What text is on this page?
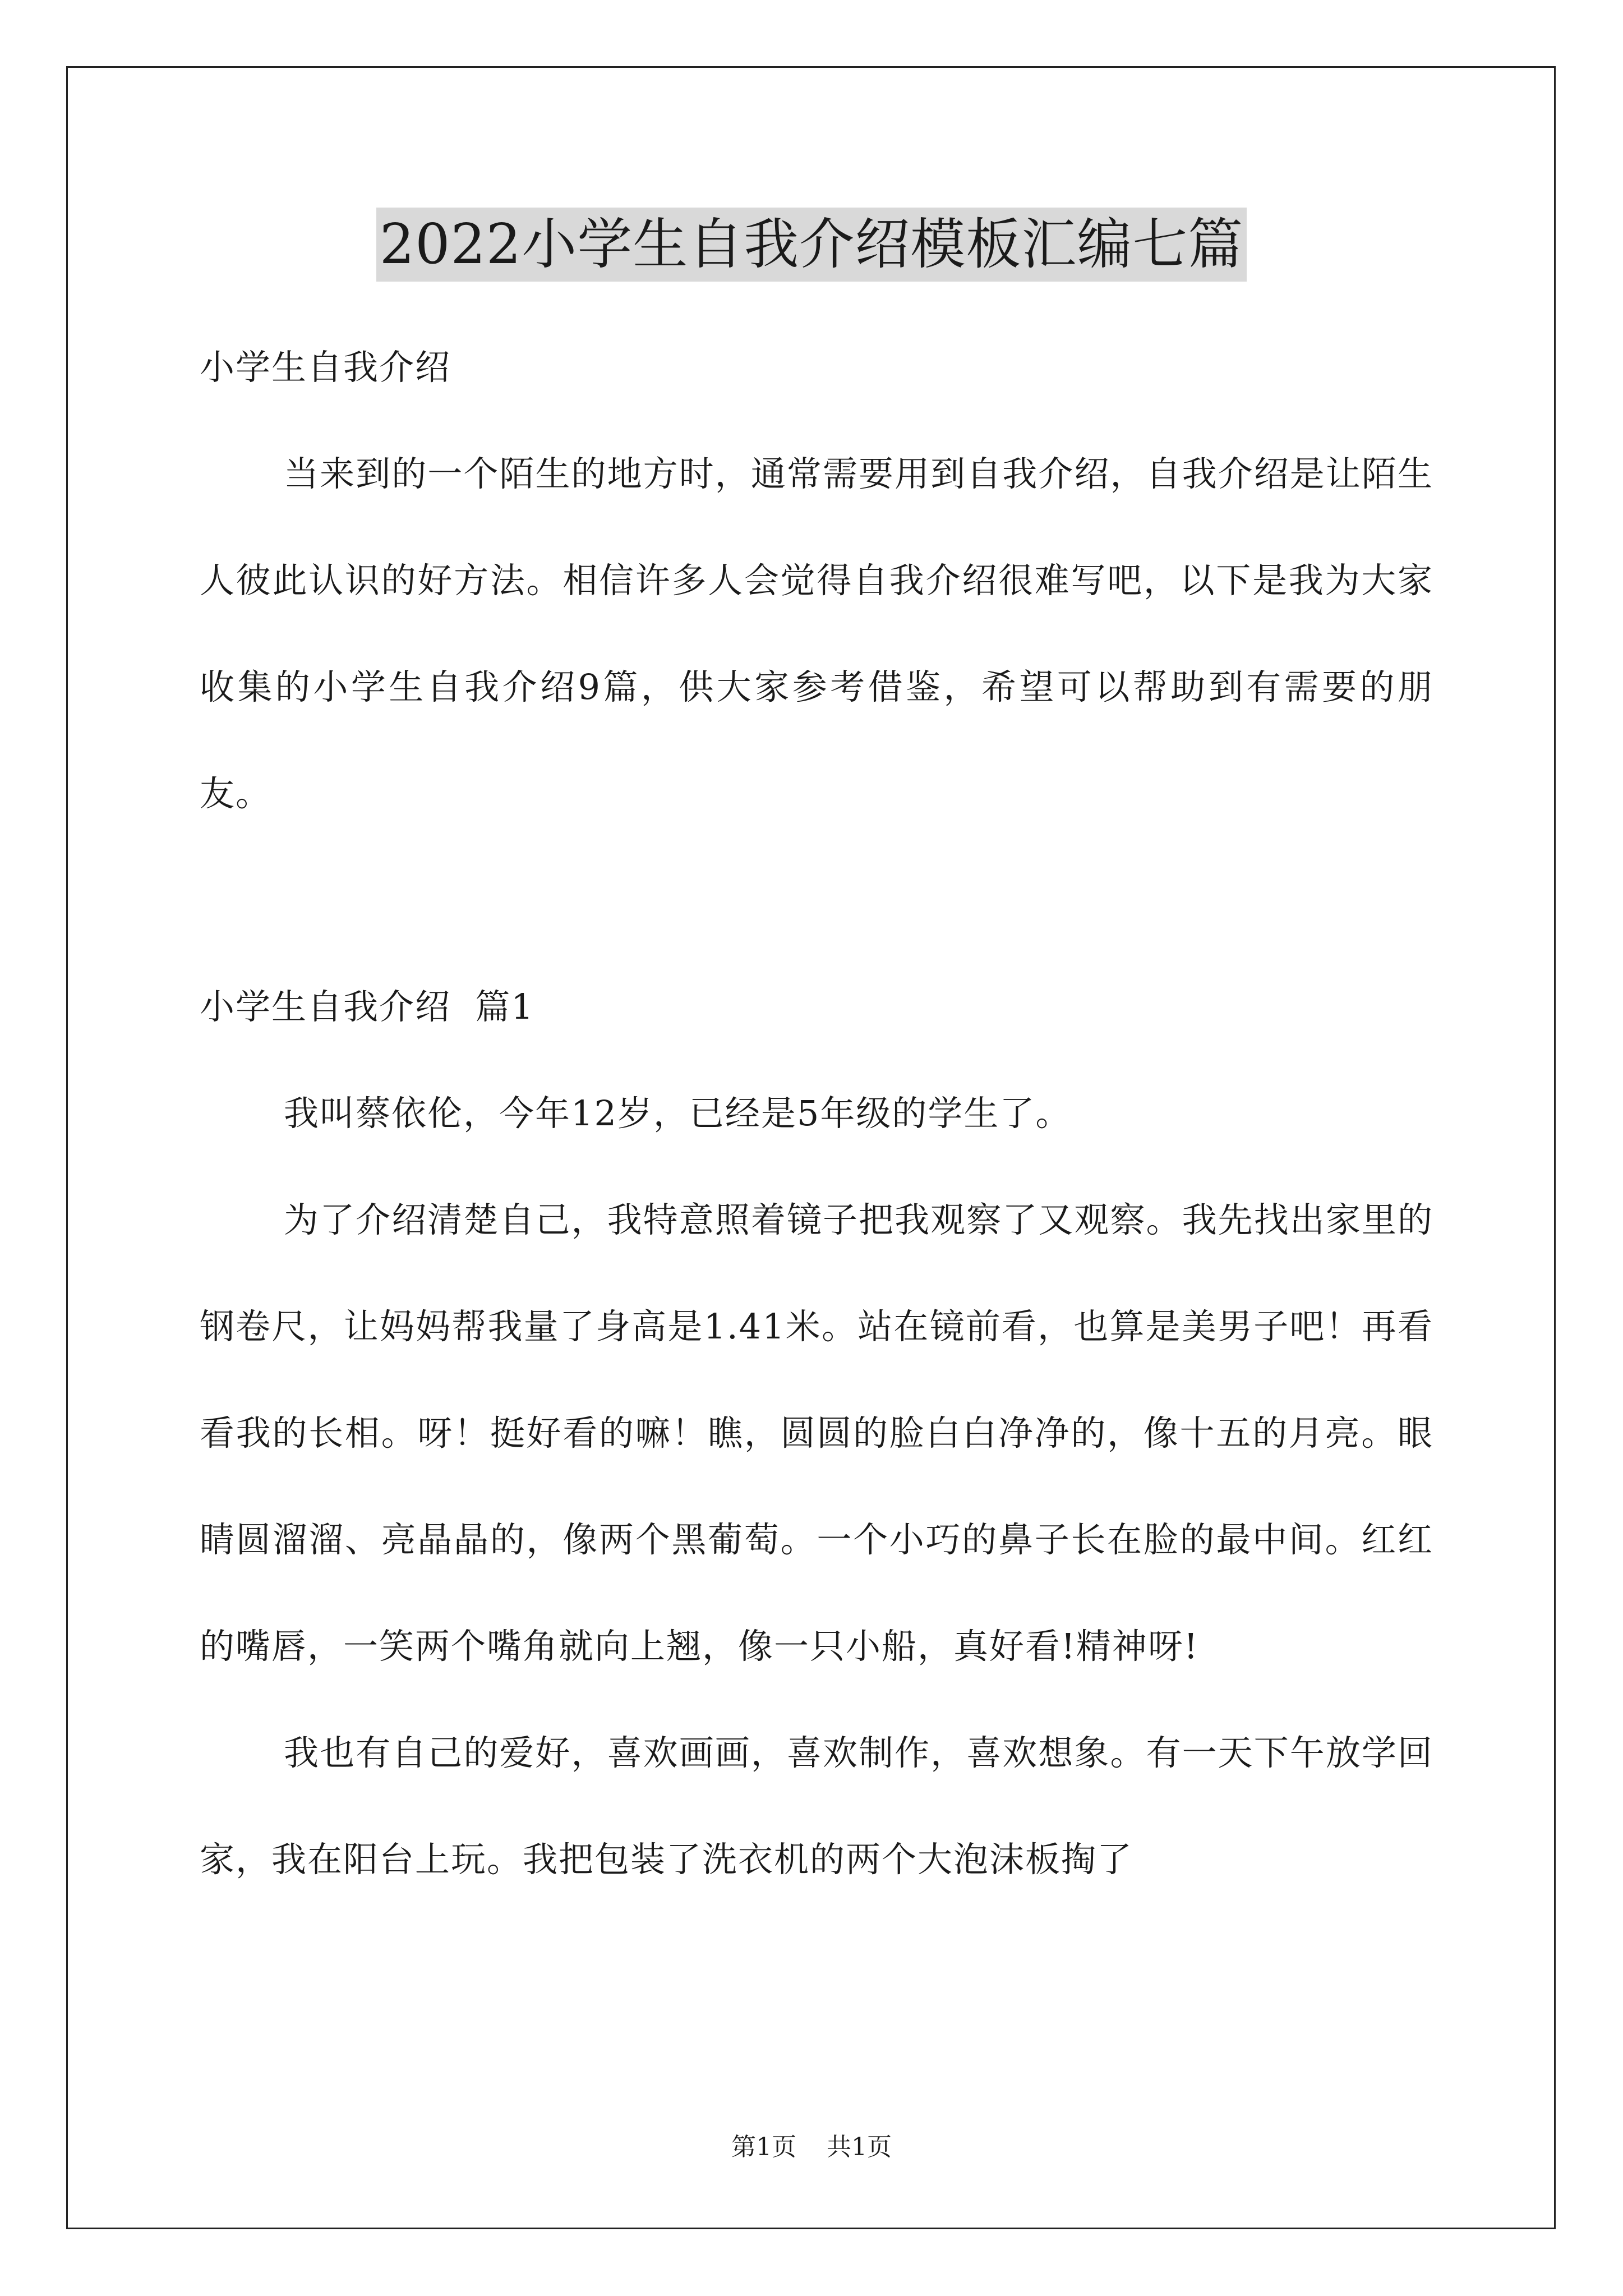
2022小学生自我介绍模板汇编七篇

小学生自我介绍

当来到的一个陌生的地方时，通常需要用到自我介绍，自我介绍是让陌生人彼此认识的好方法。相信许多人会觉得自我介绍很难写吧，以下是我为大家收集的小学生自我介绍9篇，供大家参考借鉴，希望可以帮助到有需要的朋友。

小学生自我介绍  篇1

我叫蔡依伦，今年12岁，已经是5年级的学生了。

为了介绍清楚自己，我特意照着镜子把我观察了又观察。我先找出家里的钢卷尺，让妈妈帮我量了身高是1.41米。站在镜前看，也算是美男子吧！再看看我的长相。呀！挺好看的嘛！瞧，圆圆的脸白白净净的，像十五的月亮。眼睛圆溜溜、亮晶晶的，像两个黑葡萄。一个小巧的鼻子长在脸的最中间。红红的嘴唇，一笑两个嘴角就向上翘，像一只小船，真好看!精神呀!

我也有自己的爱好，喜欢画画，喜欢制作，喜欢想象。有一天下午放学回家，我在阳台上玩。我把包装了洗衣机的两个大泡沫板掏了

第1页 共1页
